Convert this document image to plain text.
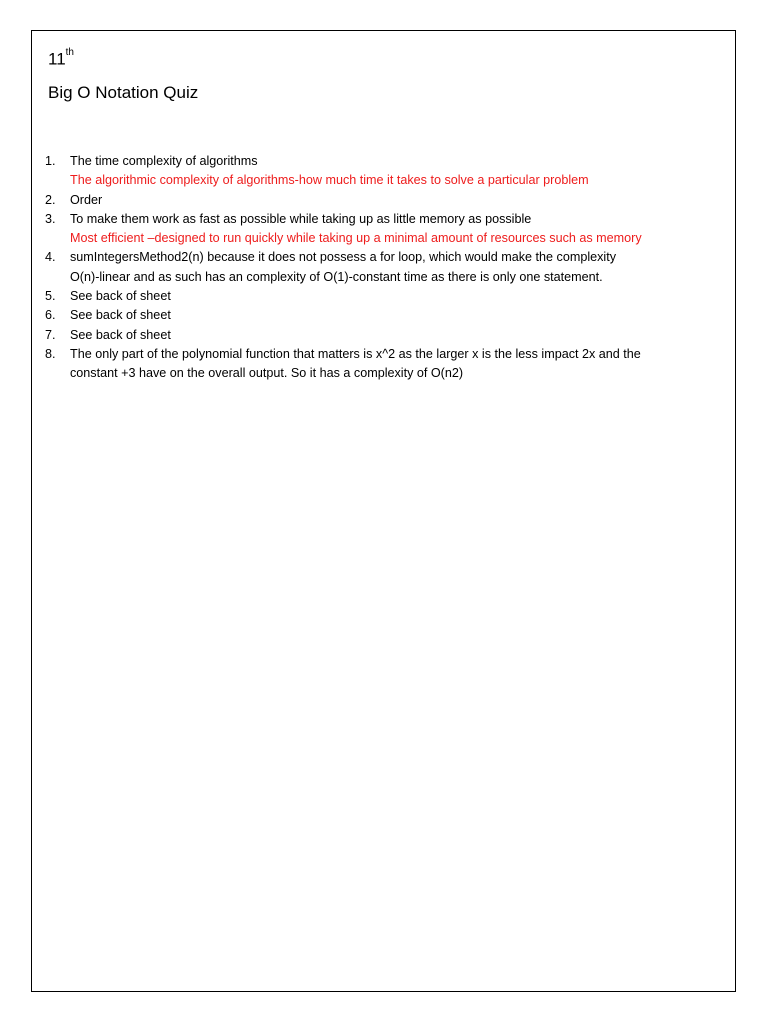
11th
Big O Notation Quiz
1. The time complexity of algorithms
The algorithmic complexity of algorithms-how much time it takes to solve a particular problem
2. Order
3. To make them work as fast as possible while taking up as little memory as possible
Most efficient –designed to run quickly while taking up a minimal amount of resources such as memory
4. sumIntegersMethod2(n) because it does not possess a for loop, which would make the complexity
O(n)-linear and as such has an complexity of O(1)-constant time as there is only one statement.
5. See back of sheet
6. See back of sheet
7. See back of sheet
8. The only part of the polynomial function that matters is x^2 as the larger x is the less impact 2x and the
constant +3 have on the overall output. So it has a complexity of O(n2)
